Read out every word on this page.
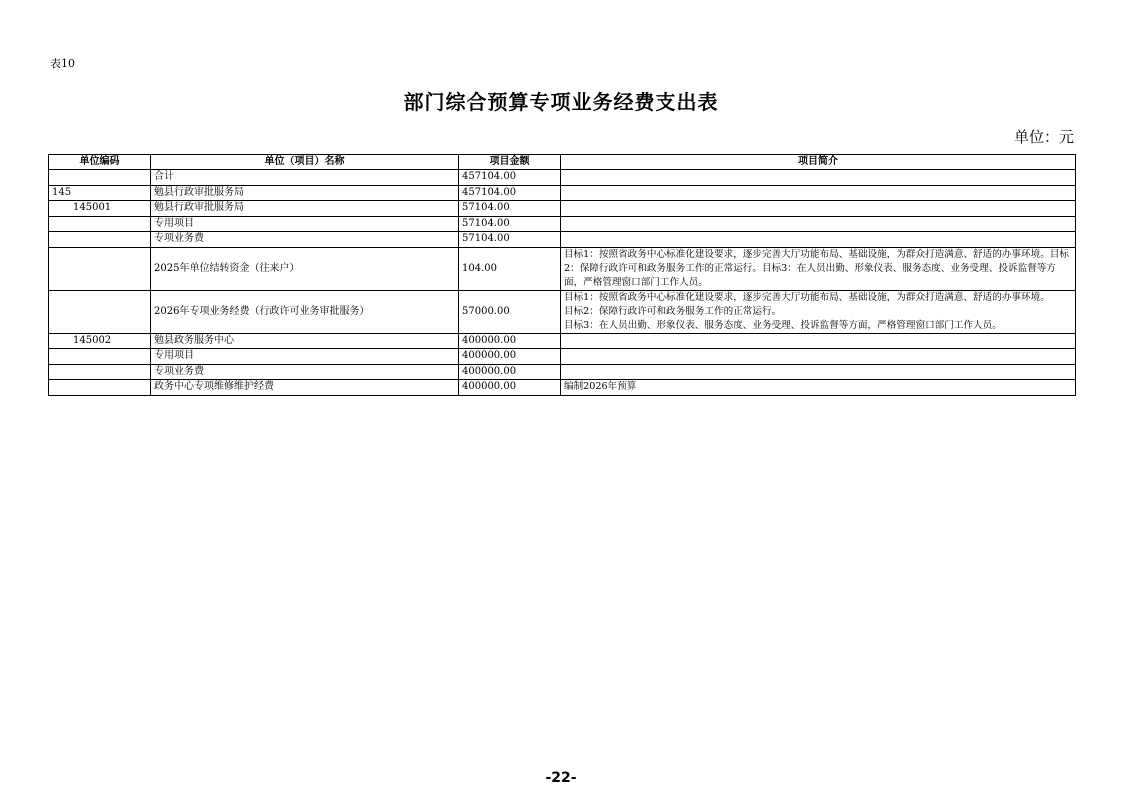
表10
部门综合预算专项业务经费支出表
单位：元
单位编码	单位（项目）名称	项目金额	项目简介
	合计	457104.00	
145	勉县行政审批服务局	457104.00	
145001	勉县行政审批服务局	57104.00	
	专用项目	57104.00	
	专项业务费	57104.00	
	2025年单位结转资金（往来户）	104.00	目标1：按照省政务中心标准化建设要求，逐步完善大厅功能布局、基础设施，为群众打造满意、舒适的办事环境。目标2：保障行政许可和政务服务工作的正常运行。目标3：在人员出勤、形象仪表、服务态度、业务受理、投诉监督等方面，严格管理窗口部门工作人员。

	2026年专项业务经费（行政许可业务审批服务）	57000.00	目标1：按照省政务中心标准化建设要求，逐步完善大厅功能布局、基础设施，为群众打造满意、舒适的办事环境。
目标2：保障行政许可和政务服务工作的正常运行。
目标3：在人员出勤、形象仪表、服务态度、业务受理、投诉监督等方面，严格管理窗口部门工作人员。

145002	勉县政务服务中心	400000.00	
	专用项目	400000.00	
	专项业务费	400000.00	
	政务中心专项维修维护经费	400000.00	编制2026年预算
-22-
